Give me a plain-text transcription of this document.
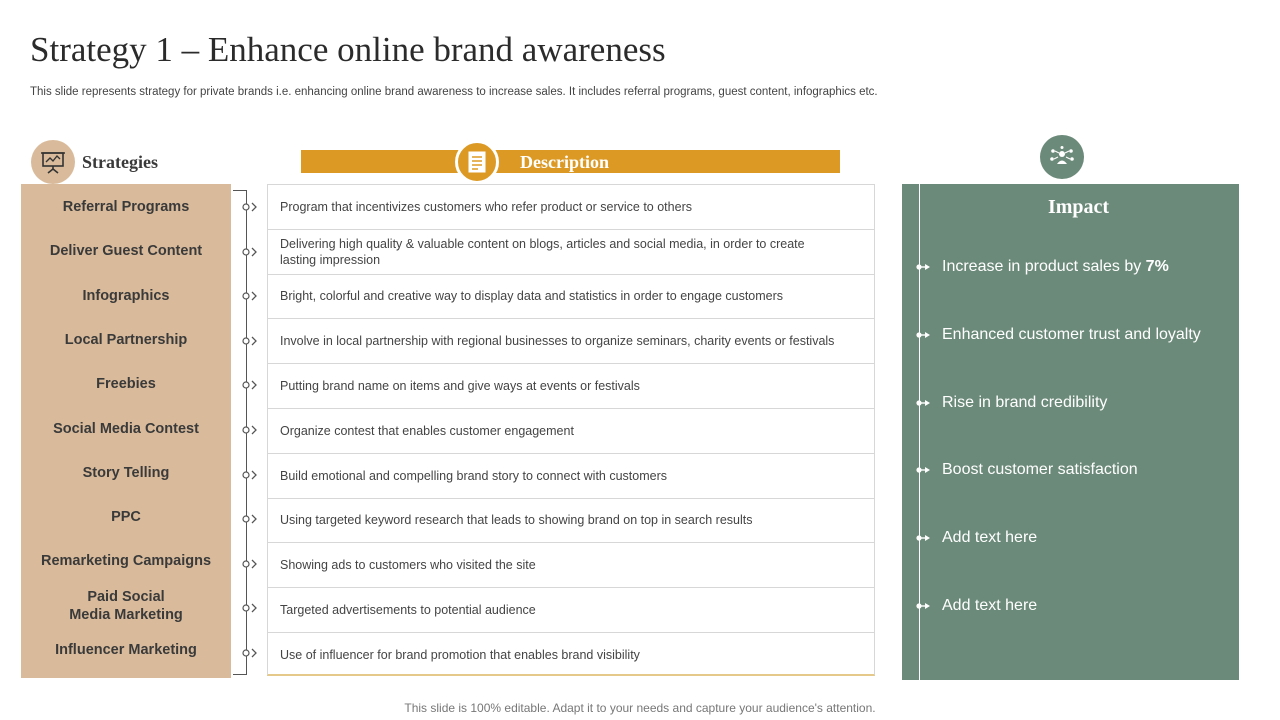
Strategy 1 – Enhance online brand awareness
This slide represents strategy for private brands i.e. enhancing online brand awareness to increase sales. It includes referral programs, guest content, infographics etc.
Strategies
Referral Programs
Deliver Guest Content
Infographics
Local Partnership
Freebies
Social Media Contest
Story Telling
PPC
Remarketing Campaigns
Paid Social
Media Marketing
Influencer Marketing
Description
Program that incentivizes customers who refer product or service to others
Delivering high quality & valuable content on blogs, articles and social media, in order to create lasting impression
Bright, colorful and creative way to display data and statistics in order to engage customers
Involve in local partnership with regional businesses to organize seminars, charity events or festivals
Putting brand name on items and give ways at events or festivals
Organize contest that enables customer engagement
Build emotional and compelling brand story to connect with customers
Using targeted keyword research that leads to showing brand on top in search results
Showing ads to customers who visited the site
Targeted advertisements to potential audience
Use of influencer for brand promotion that enables brand visibility
Impact
Increase in product sales by 7%
Enhanced customer trust and loyalty
Rise in brand credibility
Boost customer satisfaction
Add text here
Add text here
This slide is 100% editable. Adapt it to your needs and capture your audience's attention.
